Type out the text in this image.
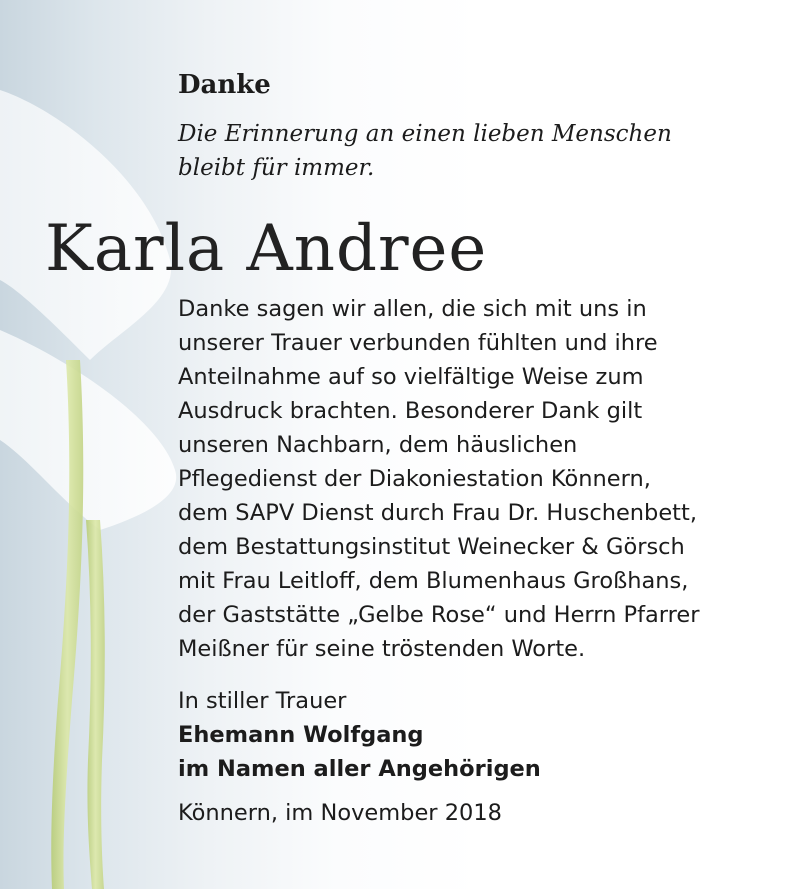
Danke
Die Erinnerung an einen lieben Menschen
bleibt für immer.
Karla Andree
Danke sagen wir allen, die sich mit uns in
unserer Trauer verbunden fühlten und ihre
Anteilnahme auf so vielfältige Weise zum
Ausdruck brachten. Besonderer Dank gilt
unseren Nachbarn, dem häuslichen
Pflegedienst der Diakoniestation Könnern,
dem SAPV Dienst durch Frau Dr. Huschenbett,
dem Bestattungsinstitut Weinecker & Görsch
mit Frau Leitloff, dem Blumenhaus Großhans,
der Gaststätte „Gelbe Rose“ und Herrn Pfarrer
Meißner für seine tröstenden Worte.
In stiller Trauer
Ehemann Wolfgang
im Namen aller Angehörigen
Könnern, im November 2018
